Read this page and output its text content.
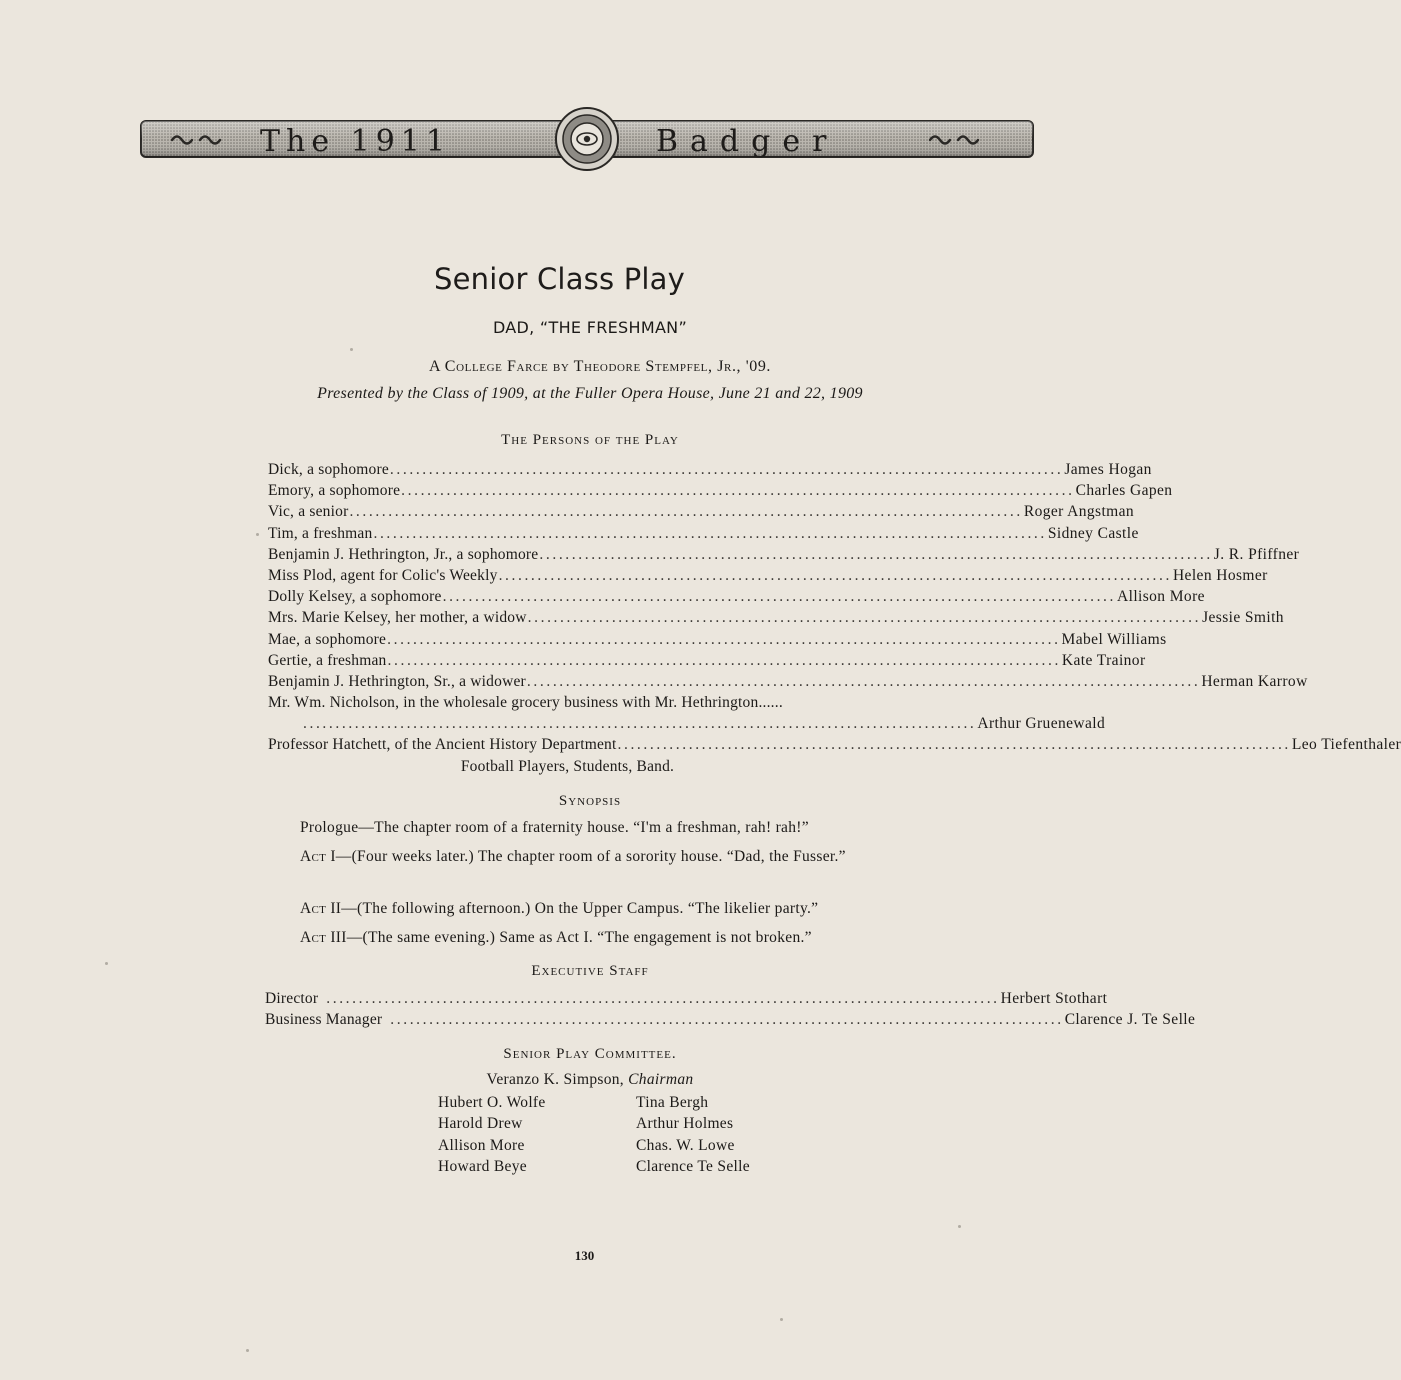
The 1911	Badger
Senior Class Play
DAD, “THE FRESHMAN”
A College Farce by Theodore Stempfel, Jr., '09.
Presented by the Class of 1909, at the Fuller Opera House, June 21 and 22, 1909
The Persons of the Play
Dick, a sophomore ........................................................................................................ James Hogan
Emory, a sophomore ........................................................................................................ Charles Gapen
Vic, a senior ........................................................................................................ Roger Angstman
Tim, a freshman ........................................................................................................ Sidney Castle
Benjamin J. Hethrington, Jr., a sophomore ........................................................................................................ J. R. Pfiffner
Miss Plod, agent for Colic's Weekly ........................................................................................................ Helen Hosmer
Dolly Kelsey, a sophomore ........................................................................................................ Allison More
Mrs. Marie Kelsey, her mother, a widow ........................................................................................................ Jessie Smith
Mae, a sophomore ........................................................................................................ Mabel Williams
Gertie, a freshman ........................................................................................................ Kate Trainor
Benjamin J. Hethrington, Sr., a widower ........................................................................................................ Herman Karrow
Mr. Wm. Nicholson, in the wholesale grocery business with Mr. Hethrington......
........................................................................................................ Arthur Gruenewald
Professor Hatchett, of the Ancient History Department ........................................................................................................ Leo Tiefenthaler
Football Players, Students, Band.
Synopsis
Prologue—The chapter room of a fraternity house. “I'm a freshman, rah! rah!”
Act I—(Four weeks later.) The chapter room of a sorority house. “Dad, the Fusser.”
Act II—(The following afternoon.) On the Upper Campus. “The likelier party.”
Act III—(The same evening.) Same as Act I. “The engagement is not broken.”
Executive Staff
Director ........................................................................................................ Herbert Stothart
Business Manager ........................................................................................................ Clarence J. Te Selle
Senior Play Committee.
Veranzo K. Simpson, Chairman
Hubert O. Wolfe
Harold Drew
Allison More
Howard Beye
Tina Bergh
Arthur Holmes
Chas. W. Lowe
Clarence Te Selle
130
